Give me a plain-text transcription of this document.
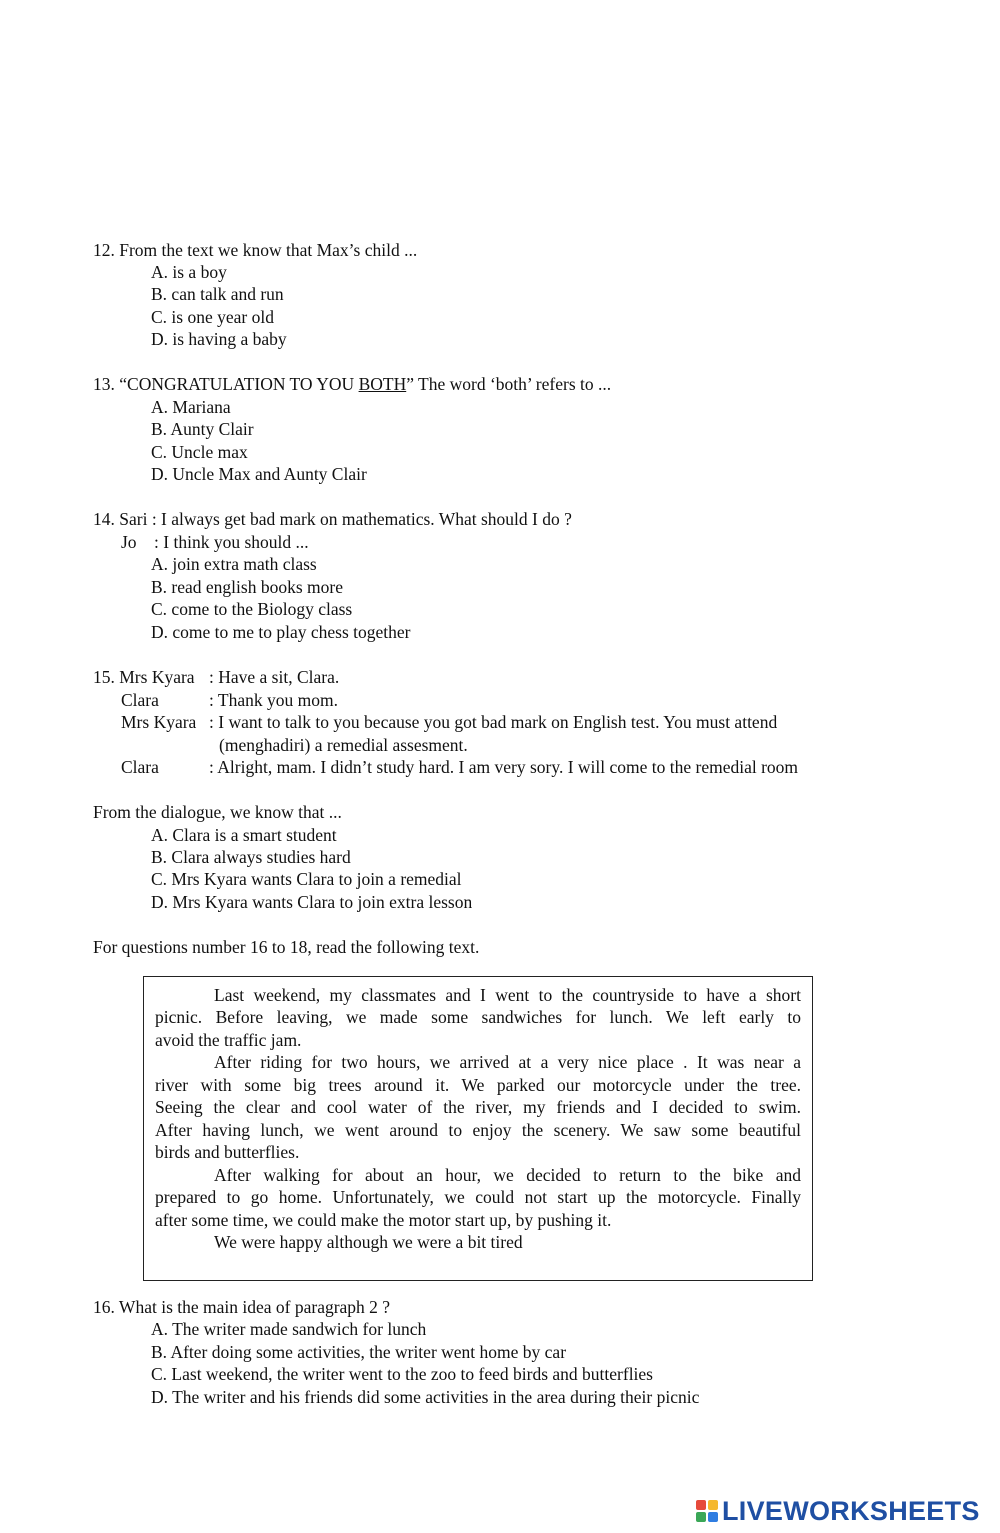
12. From the text we know that Max’s child ...
A. is a boy
B. can talk and run
C. is one year old
D. is having a baby
13. “CONGRATULATION TO YOU BOTH” The word ‘both’ refers to ...
A. Mariana
B. Aunty Clair
C. Uncle max
D. Uncle Max and Aunty Clair
14. Sari : I always get bad mark on mathematics. What should I do ?
Jo    : I think you should ...
A. join extra math class
B. read english books more
C. come to the Biology class
D. come to me to play chess together
15. Mrs Kyara : Have a sit, Clara.
Clara	: Thank you mom.
Mrs Kyara : I want to talk to you because you got bad mark on English test. You must attend
(menghadiri) a remedial assesment.
Clara	: Alright, mam. I didn’t study hard. I am very sory. I will come to the remedial room
From the dialogue, we know that ...
A. Clara is a smart student
B. Clara always studies hard
C. Mrs Kyara wants Clara to join a remedial
D. Mrs Kyara wants Clara to join extra lesson
For questions number 16 to 18, read the following text.
Last weekend, my classmates and I went to the countryside to have a short
picnic. Before leaving, we made some sandwiches for lunch. We left early to
avoid the traffic jam.
After riding for two hours, we arrived at a very nice place . It was near a
river with some big trees around it. We parked our motorcycle under the tree.
Seeing the clear and cool water of the river, my friends and I decided to swim.
After having lunch, we went around to enjoy the scenery. We saw some beautiful
birds and butterflies.
After walking for about an hour, we decided to return to the bike and
prepared to go home. Unfortunately, we could not start up the motorcycle. Finally
after some time, we could make the motor start up, by pushing it.
We were happy although we were a bit tired
16. What is the main idea of paragraph 2 ?
A. The writer made sandwich for lunch
B. After doing some activities, the writer went home by car
C. Last weekend, the writer went to the zoo to feed birds and butterflies
D. The writer and his friends did some activities in the area during their picnic
LIVEWORKSHEETS
